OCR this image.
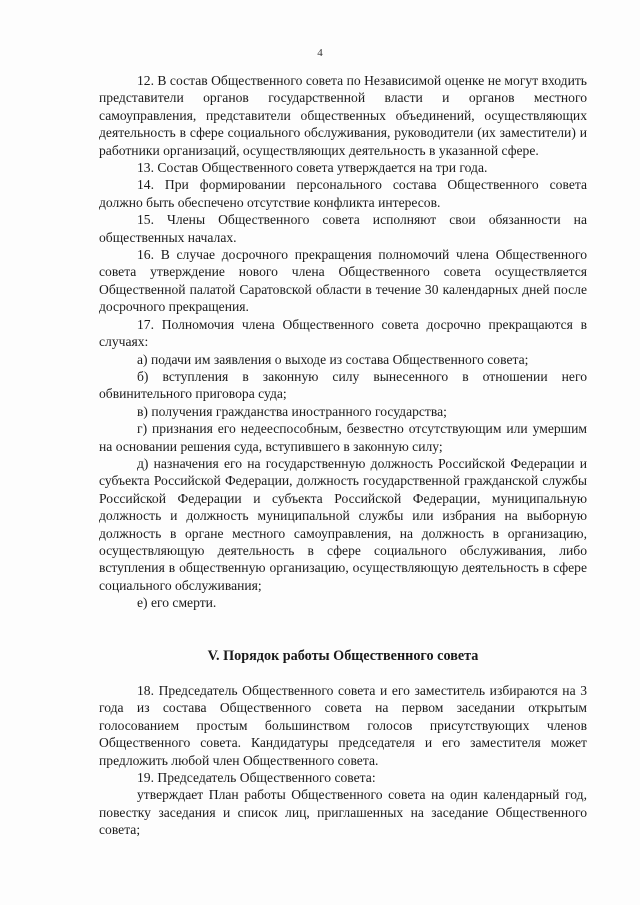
4

12. В состав Общественного совета по Независимой оценке не могут входить представители органов государственной власти и органов местного самоуправления, представители общественных объединений, осуществляющих деятельность в сфере социального обслуживания, руководители (их заместители) и работники организаций, осуществляющих деятельность в указанной сфере.

13. Состав Общественного совета утверждается на три года.

14. При формировании персонального состава Общественного совета должно быть обеспечено отсутствие конфликта интересов.

15. Члены Общественного совета исполняют свои обязанности на общественных началах.

16. В случае досрочного прекращения полномочий члена Общественного совета утверждение нового члена Общественного совета осуществляется Общественной палатой Саратовской области в течение 30 календарных дней после досрочного прекращения.

17. Полномочия члена Общественного совета досрочно прекращаются в случаях:

а) подачи им заявления о выходе из состава Общественного совета;

б) вступления в законную силу вынесенного в отношении него обвинительного приговора суда;

в) получения гражданства иностранного государства;

г) признания его недееспособным, безвестно отсутствующим или умершим на основании решения суда, вступившего в законную силу;

д) назначения его на государственную должность Российской Федерации и субъекта Российской Федерации, должность государственной гражданской службы Российской Федерации и субъекта Российской Федерации, муниципальную должность и должность муниципальной службы или избрания на выборную должность в органе местного самоуправления, на должность в организацию, осуществляющую деятельность в сфере социального обслуживания, либо вступления в общественную организацию, осуществляющую деятельность в сфере социального обслуживания;

е) его смерти.

V. Порядок работы Общественного совета

18. Председатель Общественного совета и его заместитель избираются на 3 года из состава Общественного совета на первом заседании открытым голосованием простым большинством голосов присутствующих членов Общественного совета. Кандидатуры председателя и его заместителя может предложить любой член Общественного совета.

19. Председатель Общественного совета:

утверждает План работы Общественного совета на один календарный год, повестку заседания и список лиц, приглашенных на заседание Общественного совета;
